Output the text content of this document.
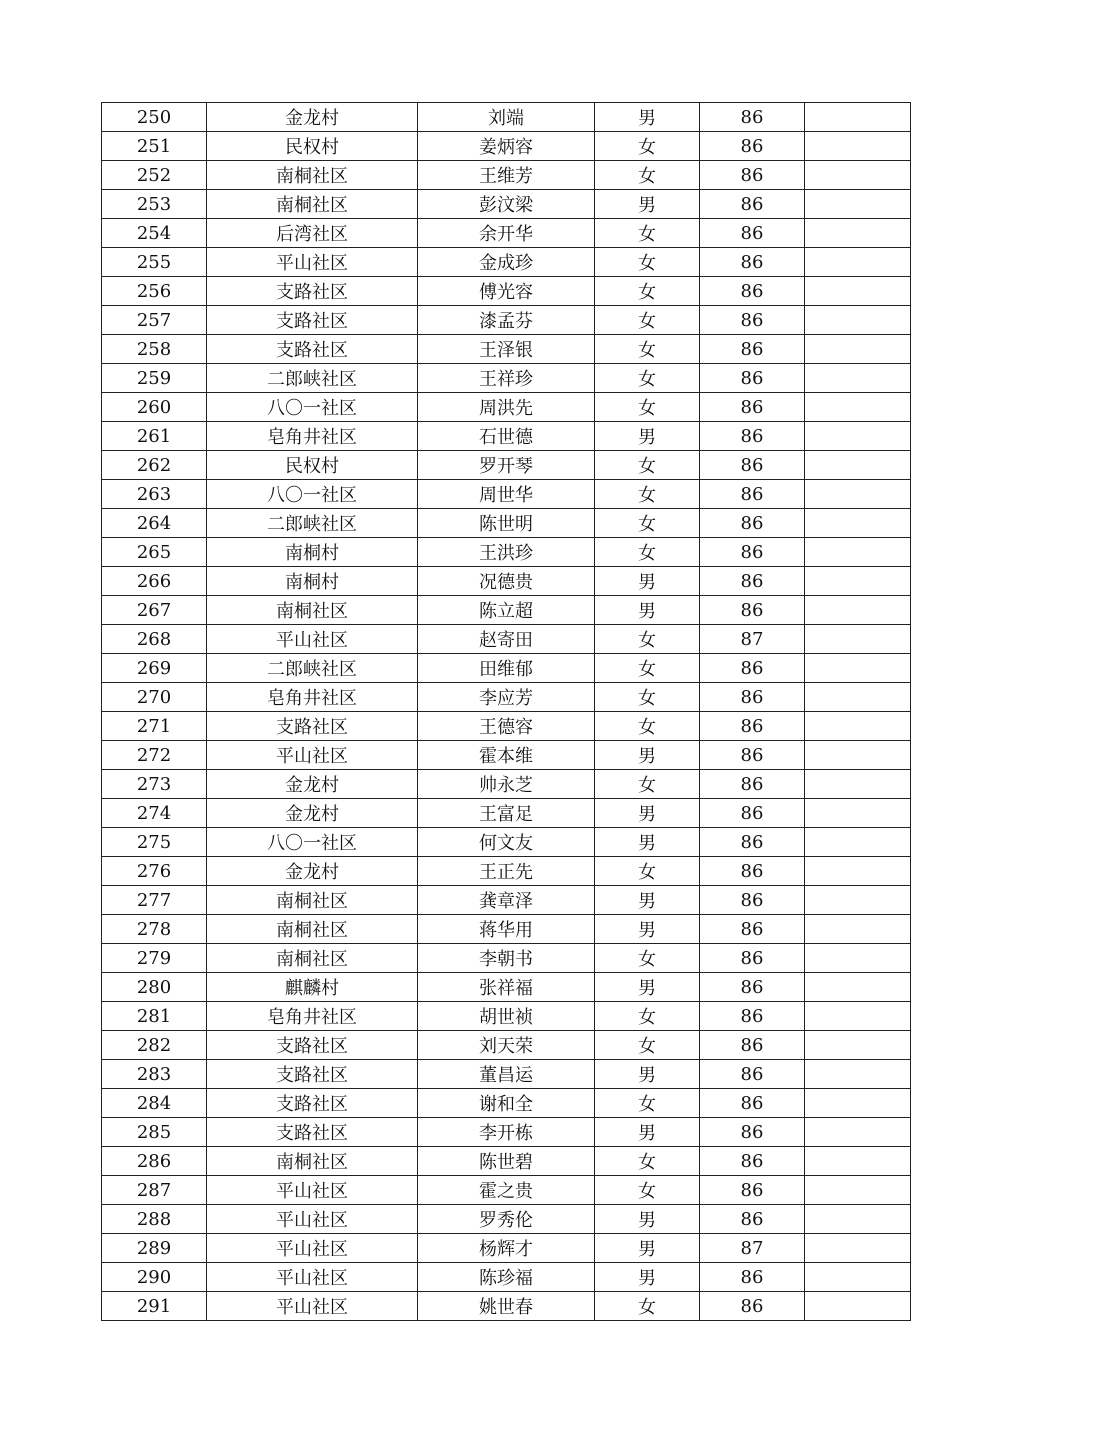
250	金龙村	刘端	男	86	
251	民权村	姜炳容	女	86	
252	南桐社区	王维芳	女	86	
253	南桐社区	彭汶梁	男	86	
254	后湾社区	余开华	女	86	
255	平山社区	金成珍	女	86	
256	支路社区	傅光容	女	86	
257	支路社区	漆孟芬	女	86	
258	支路社区	王泽银	女	86	
259	二郎峡社区	王祥珍	女	86	
260	八〇一社区	周洪先	女	86	
261	皂角井社区	石世德	男	86	
262	民权村	罗开琴	女	86	
263	八〇一社区	周世华	女	86	
264	二郎峡社区	陈世明	女	86	
265	南桐村	王洪珍	女	86	
266	南桐村	况德贵	男	86	
267	南桐社区	陈立超	男	86	
268	平山社区	赵寄田	女	87	
269	二郎峡社区	田维郁	女	86	
270	皂角井社区	李应芳	女	86	
271	支路社区	王德容	女	86	
272	平山社区	霍本维	男	86	
273	金龙村	帅永芝	女	86	
274	金龙村	王富足	男	86	
275	八〇一社区	何文友	男	86	
276	金龙村	王正先	女	86	
277	南桐社区	龚章泽	男	86	
278	南桐社区	蒋华用	男	86	
279	南桐社区	李朝书	女	86	
280	麒麟村	张祥福	男	86	
281	皂角井社区	胡世祯	女	86	
282	支路社区	刘天荣	女	86	
283	支路社区	董昌运	男	86	
284	支路社区	谢和全	女	86	
285	支路社区	李开栋	男	86	
286	南桐社区	陈世碧	女	86	
287	平山社区	霍之贵	女	86	
288	平山社区	罗秀伦	男	86	
289	平山社区	杨辉才	男	87	
290	平山社区	陈珍福	男	86	
291	平山社区	姚世春	女	86	
